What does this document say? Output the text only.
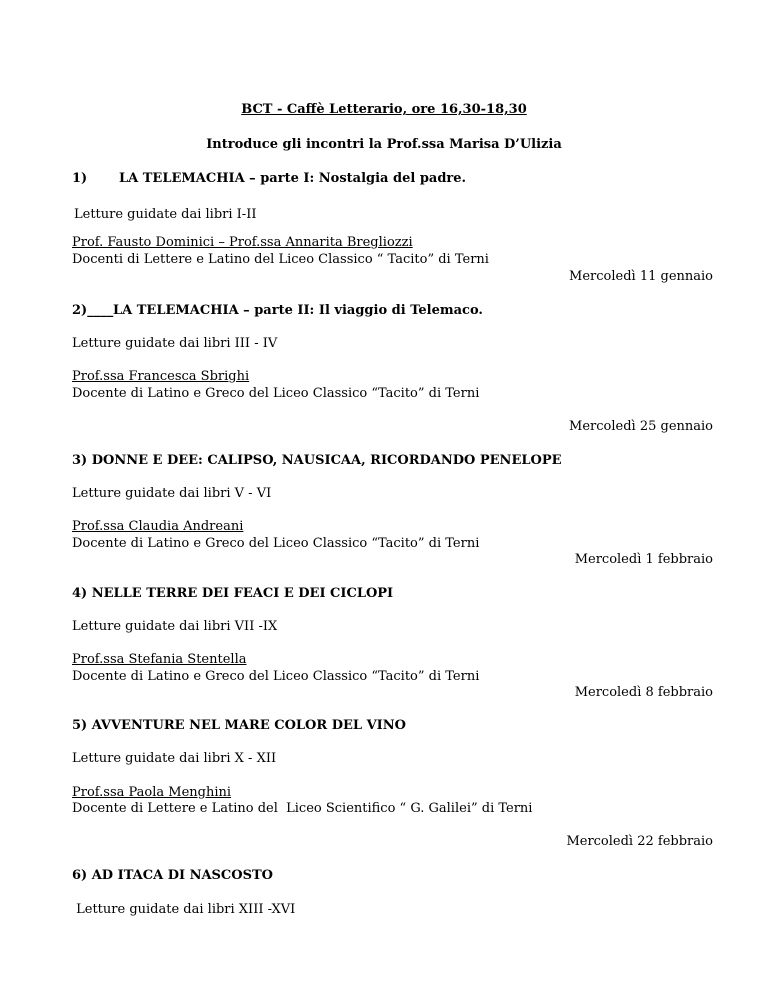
BCT - Caffè Letterario, ore 16,30-18,30
Introduce gli incontri la Prof.ssa Marisa D’Ulizia
1) LA TELEMACHIA – parte I: Nostalgia del padre.
Letture guidate dai libri I-II
Prof. Fausto Dominici – Prof.ssa Annarita Bregliozzi
Docenti di Lettere e Latino del Liceo Classico “ Tacito” di Terni
Mercoledì 11 gennaio
2)____ LA TELEMACHIA – parte II: Il viaggio di Telemaco.
Letture guidate dai libri III - IV
Prof.ssa Francesca Sbrighi
Docente di Latino e Greco del Liceo Classico “Tacito” di Terni
Mercoledì 25 gennaio
3) DONNE E DEE: CALIPSO, NAUSICAA, RICORDANDO PENELOPE
Letture guidate dai libri V - VI
Prof.ssa Claudia Andreani
Docente di Latino e Greco del Liceo Classico “Tacito” di Terni
Mercoledì 1 febbraio
4) NELLE TERRE DEI FEACI E DEI CICLOPI
Letture guidate dai libri VII -IX
Prof.ssa Stefania Stentella
Docente di Latino e Greco del Liceo Classico “Tacito” di Terni
Mercoledì 8 febbraio
5) AVVENTURE NEL MARE COLOR DEL VINO
Letture guidate dai libri X - XII
Prof.ssa Paola Menghini
Docente di Lettere e Latino del  Liceo Scientifico “ G. Galilei” di Terni
Mercoledì 22 febbraio
6) AD ITACA DI NASCOSTO
Letture guidate dai libri XIII -XVI
